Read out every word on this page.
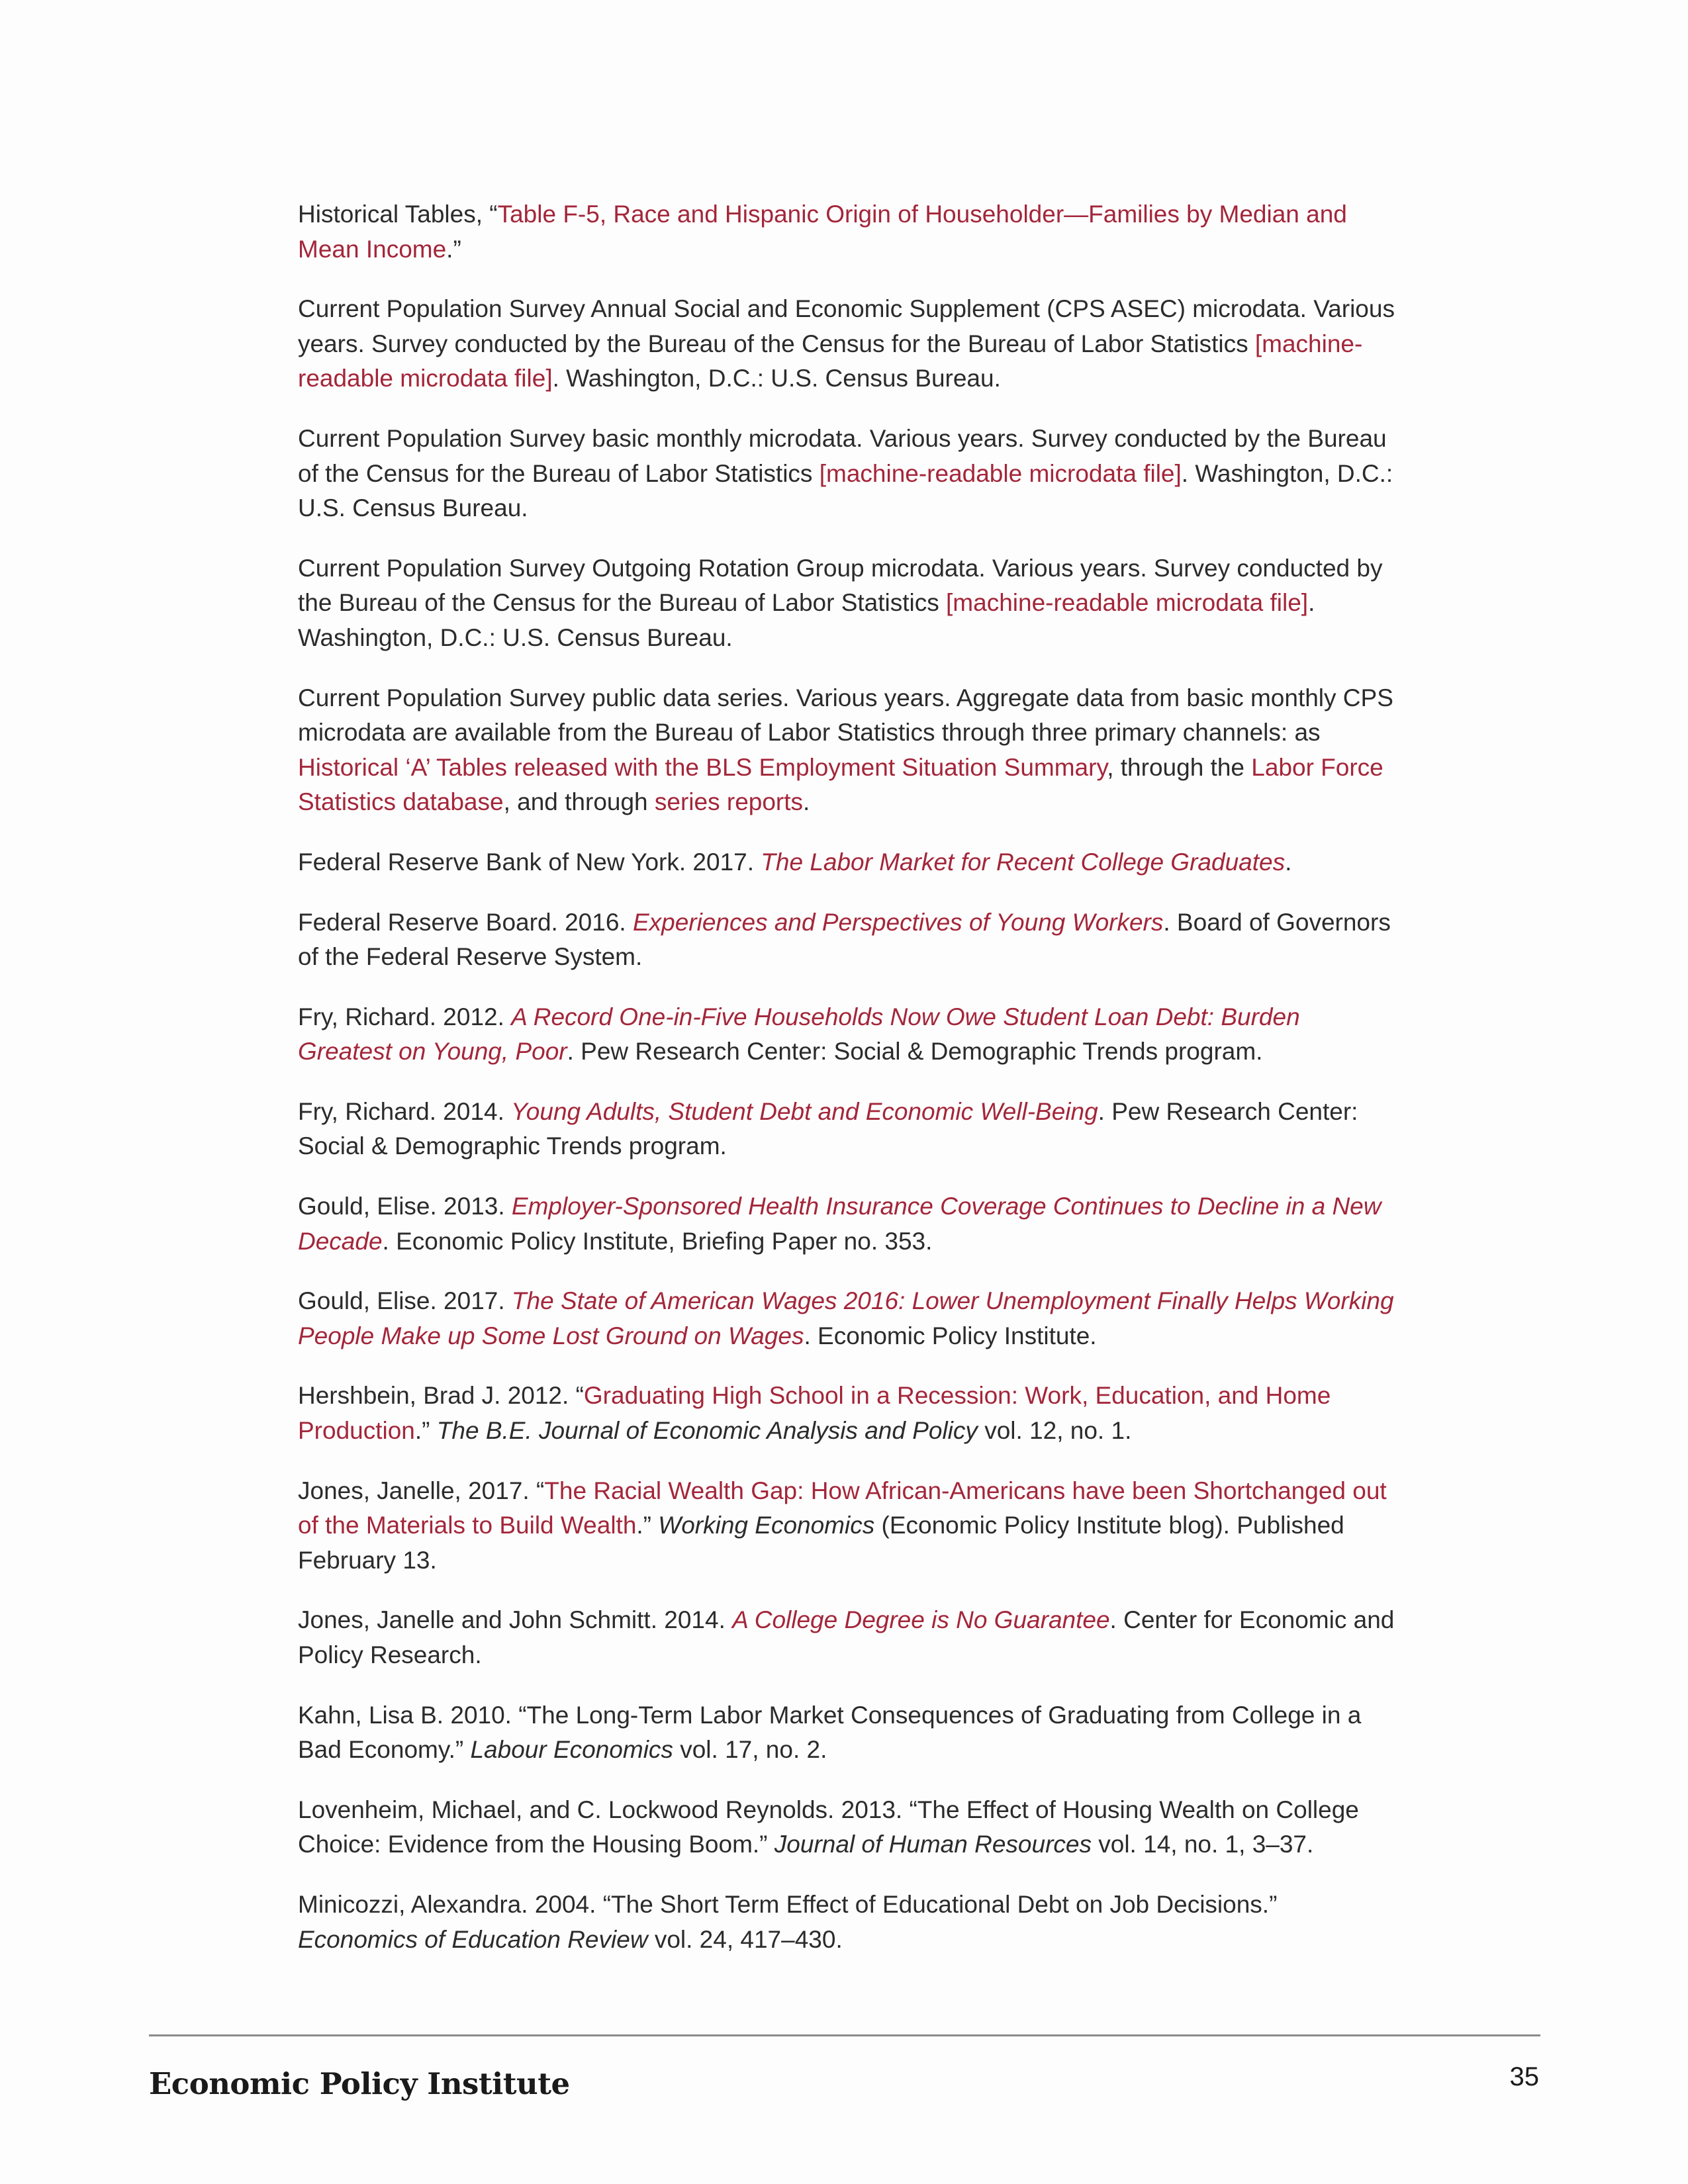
Historical Tables, “Table F-5, Race and Hispanic Origin of Householder—Families by Median and Mean Income.”

Current Population Survey Annual Social and Economic Supplement (CPS ASEC) microdata. Various years. Survey conducted by the Bureau of the Census for the Bureau of Labor Statistics [machine-readable microdata file]. Washington, D.C.: U.S. Census Bureau.

Current Population Survey basic monthly microdata. Various years. Survey conducted by the Bureau of the Census for the Bureau of Labor Statistics [machine-readable microdata file]. Washington, D.C.: U.S. Census Bureau.

Current Population Survey Outgoing Rotation Group microdata. Various years. Survey conducted by the Bureau of the Census for the Bureau of Labor Statistics [machine-readable microdata file]. Washington, D.C.: U.S. Census Bureau.

Current Population Survey public data series. Various years. Aggregate data from basic monthly CPS microdata are available from the Bureau of Labor Statistics through three primary channels: as Historical ‘A’ Tables released with the BLS Employment Situation Summary, through the Labor Force Statistics database, and through series reports.

Federal Reserve Bank of New York. 2017. The Labor Market for Recent College Graduates.

Federal Reserve Board. 2016. Experiences and Perspectives of Young Workers. Board of Governors of the Federal Reserve System.

Fry, Richard. 2012. A Record One-in-Five Households Now Owe Student Loan Debt: Burden Greatest on Young, Poor. Pew Research Center: Social & Demographic Trends program.

Fry, Richard. 2014. Young Adults, Student Debt and Economic Well-Being. Pew Research Center: Social & Demographic Trends program.

Gould, Elise. 2013. Employer-Sponsored Health Insurance Coverage Continues to Decline in a New Decade. Economic Policy Institute, Briefing Paper no. 353.

Gould, Elise. 2017. The State of American Wages 2016: Lower Unemployment Finally Helps Working People Make up Some Lost Ground on Wages. Economic Policy Institute.

Hershbein, Brad J. 2012. “Graduating High School in a Recession: Work, Education, and Home Production.” The B.E. Journal of Economic Analysis and Policy vol. 12, no. 1.

Jones, Janelle, 2017. “The Racial Wealth Gap: How African-Americans have been Shortchanged out of the Materials to Build Wealth.” Working Economics (Economic Policy Institute blog). Published February 13.

Jones, Janelle and John Schmitt. 2014. A College Degree is No Guarantee. Center for Economic and Policy Research.

Kahn, Lisa B. 2010. “The Long-Term Labor Market Consequences of Graduating from College in a Bad Economy.” Labour Economics vol. 17, no. 2.

Lovenheim, Michael, and C. Lockwood Reynolds. 2013. “The Effect of Housing Wealth on College Choice: Evidence from the Housing Boom.” Journal of Human Resources vol. 14, no. 1, 3–37.

Minicozzi, Alexandra. 2004. “The Short Term Effect of Educational Debt on Job Decisions.” Economics of Education Review vol. 24, 417–430.

Economic Policy Institute	35
